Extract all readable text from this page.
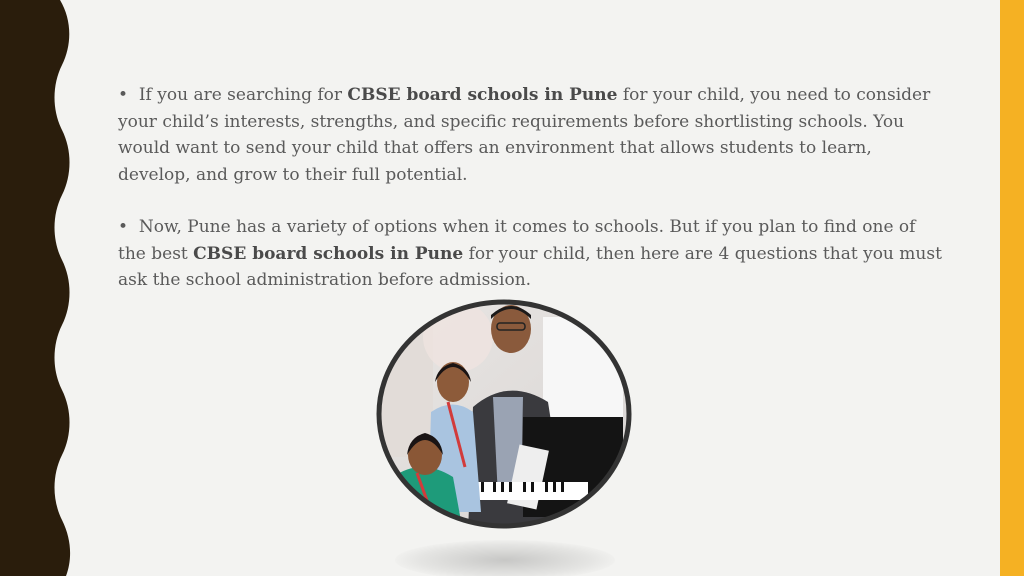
• If you are searching for CBSE board schools in Pune for your child, you need to consider your child’s interests, strengths, and specific requirements before shortlisting schools. You would want to send your child that offers an environment that allows students to learn, develop, and grow to their full potential.

• Now, Pune has a variety of options when it comes to schools. But if you plan to find one of the best CBSE board schools in Pune for your child, then here are 4 questions that you must ask the school administration before admission.
